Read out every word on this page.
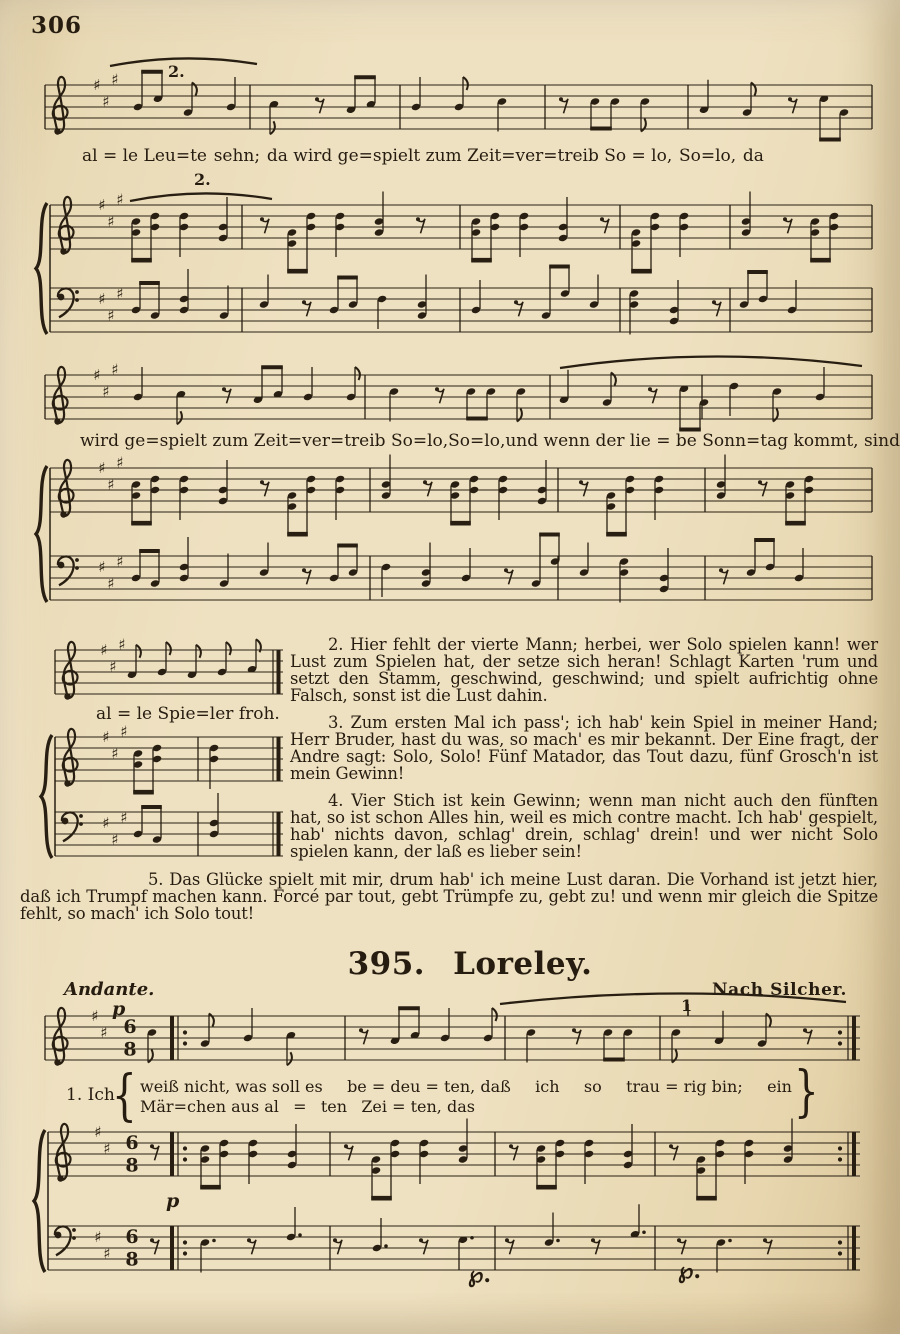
♯
♯
♯
♯
♯
♯
♯
♯
♯
♯
♯
♯
♯
♯
♯
♯
♯
♯
♯
♯
♯
♯
♯
♯
♯
♯
♯
♯
♯ 6
8
♯
♯
♯
♯
6
8
6
8
306
al = le Leu=te sehn; da wird ge=spielt zum Zeit=ver=treib So = lo, So=lo, da
wird ge=spielt zum Zeit=ver=treib So=lo, So=lo, und wenn der lie = be Sonn=tag kommt, sind
al = le Spie=ler froh.
2.
2.
1
2. Hier fehlt der vierte Mann; herbei, wer Solo spielen kann! wer Lust zum Spielen hat, der setze sich heran! Schlagt Karten 'rum und setzt den Stamm, geschwind, geschwind; und spielt aufrichtig ohne Falsch, sonst ist die Lust dahin.
3. Zum ersten Mal ich pass'; ich hab' kein Spiel in meiner Hand; Herr Bruder, hast du was, so mach' es mir bekannt. Der Eine fragt, der Andre sagt: Solo, Solo! Fünf Matador, das Tout dazu, fünf Grosch'n ist mein Gewinn!
4. Vier Stich ist kein Gewinn; wenn man nicht auch den fünften hat, so ist schon Alles hin, weil es mich contre macht. Ich hab' gespielt, hab' nichts davon, schlag' drein, schlag' drein! und wer nicht Solo spielen kann, der laß es lieber sein!
5. Das Glücke spielt mit mir, drum hab' ich meine Lust daran. Die Vorhand ist jetzt hier, daß ich Trumpf machen kann. Forcé par tout, gebt Trümpfe zu, gebt zu! und wenn mir gleich die Spitze fehlt, so mach' ich Solo tout!
395. Loreley.
Nach Silcher.
Andante.
p
1. Ich
{ weiß nicht, was soll es be = deu = ten, daß ich so trau = rig bin; ein
Mär=chen aus al = ten Zei = ten, das	}
p
℘.	℘.
